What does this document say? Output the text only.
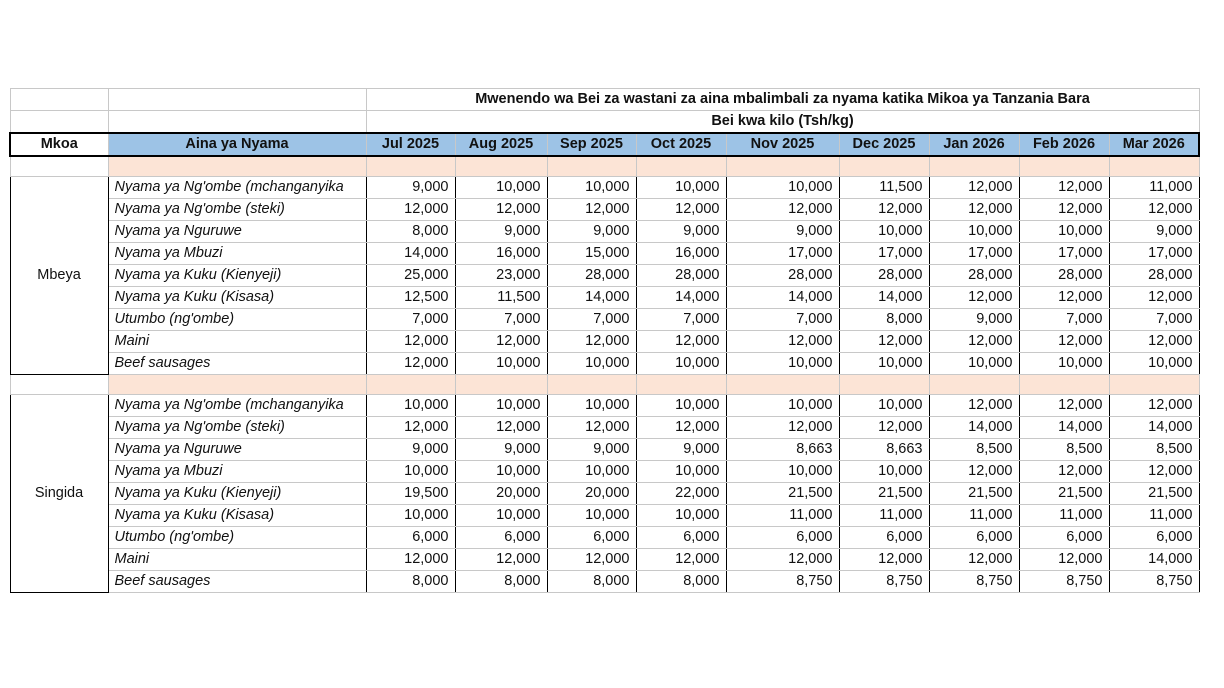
		Mwenendo wa Bei za wastani za aina mbalimbali za nyama katika Mikoa ya Tanzania Bara								
		Bei kwa kilo (Tsh/kg)								
Mkoa	Aina ya Nyama	Jul 2025	Aug 2025	Sep 2025	Oct 2025	Nov 2025	Dec 2025	Jan 2026	Feb 2026	Mar 2026

Mbeya	Nyama ya Ng'ombe (mchanganyika	9,000	10,000	10,000	10,000	10,000	11,500	12,000	12,000	11,000
	Nyama ya Ng'ombe (steki)	12,000	12,000	12,000	12,000	12,000	12,000	12,000	12,000	12,000
	Nyama ya Nguruwe	8,000	9,000	9,000	9,000	9,000	10,000	10,000	10,000	9,000
	Nyama ya Mbuzi	14,000	16,000	15,000	16,000	17,000	17,000	17,000	17,000	17,000
	Nyama ya Kuku (Kienyeji)	25,000	23,000	28,000	28,000	28,000	28,000	28,000	28,000	28,000
	Nyama ya Kuku (Kisasa)	12,500	11,500	14,000	14,000	14,000	14,000	12,000	12,000	12,000
	Utumbo (ng'ombe)	7,000	7,000	7,000	7,000	7,000	8,000	9,000	7,000	7,000
	Maini	12,000	12,000	12,000	12,000	12,000	12,000	12,000	12,000	12,000
	Beef sausages	12,000	10,000	10,000	10,000	10,000	10,000	10,000	10,000	10,000

Singida	Nyama ya Ng'ombe (mchanganyika	10,000	10,000	10,000	10,000	10,000	10,000	12,000	12,000	12,000
	Nyama ya Ng'ombe (steki)	12,000	12,000	12,000	12,000	12,000	12,000	14,000	14,000	14,000
	Nyama ya Nguruwe	9,000	9,000	9,000	9,000	8,663	8,663	8,500	8,500	8,500
	Nyama ya Mbuzi	10,000	10,000	10,000	10,000	10,000	10,000	12,000	12,000	12,000
	Nyama ya Kuku (Kienyeji)	19,500	20,000	20,000	22,000	21,500	21,500	21,500	21,500	21,500
	Nyama ya Kuku (Kisasa)	10,000	10,000	10,000	10,000	11,000	11,000	11,000	11,000	11,000
	Utumbo (ng'ombe)	6,000	6,000	6,000	6,000	6,000	6,000	6,000	6,000	6,000
	Maini	12,000	12,000	12,000	12,000	12,000	12,000	12,000	12,000	14,000
	Beef sausages	8,000	8,000	8,000	8,000	8,750	8,750	8,750	8,750	8,750
